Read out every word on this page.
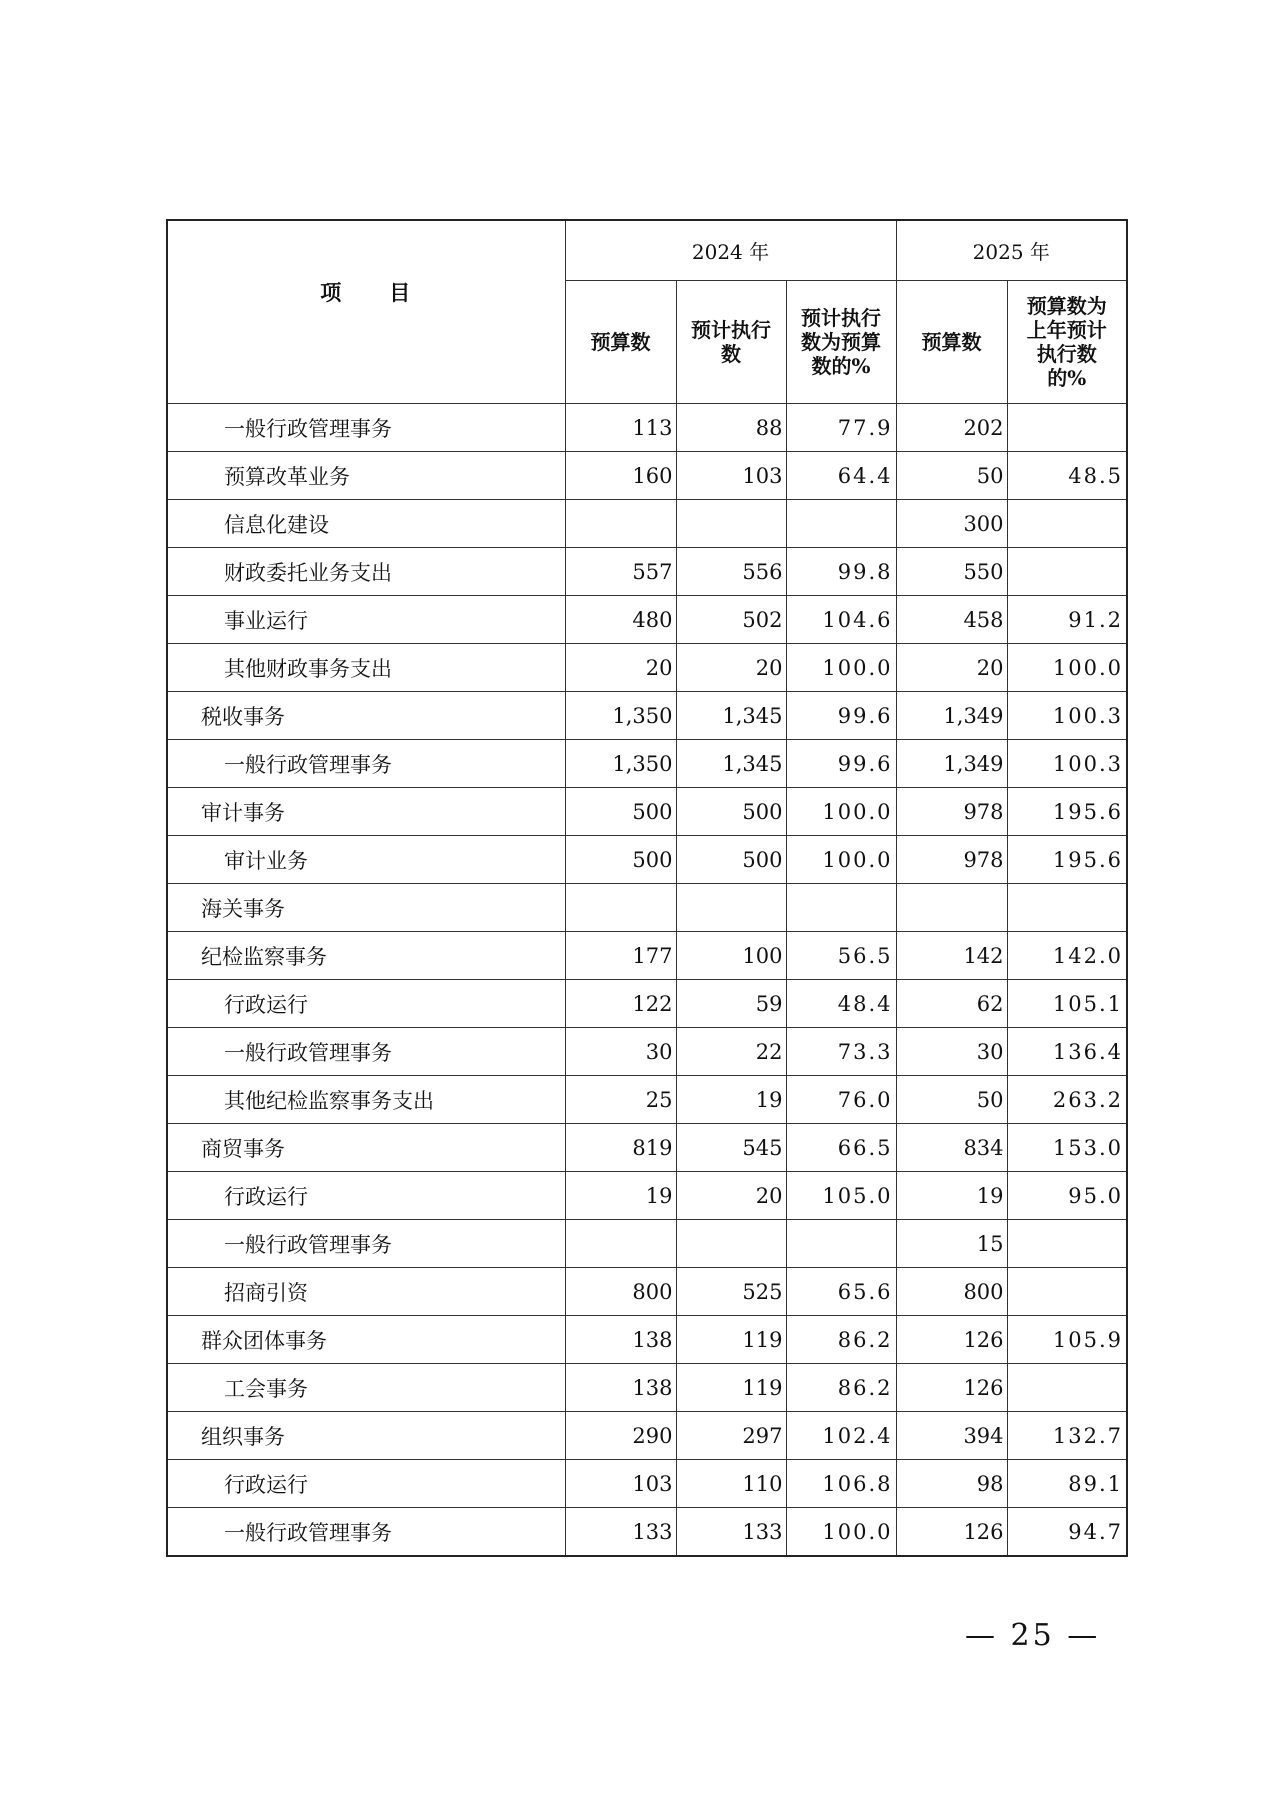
项　　目	2024 年			2025 年	
	预算数	预计执行数	预计执行数为预算数的%	预算数	预算数为上年预计执行数的%
一般行政管理事务	113	88	77.9	202	
预算改革业务	160	103	64.4	50	48.5
信息化建设				300	
财政委托业务支出	557	556	99.8	550	
事业运行	480	502	104.6	458	91.2
其他财政事务支出	20	20	100.0	20	100.0
税收事务	1,350	1,345	99.6	1,349	100.3
一般行政管理事务	1,350	1,345	99.6	1,349	100.3
审计事务	500	500	100.0	978	195.6
审计业务	500	500	100.0	978	195.6
海关事务					
纪检监察事务	177	100	56.5	142	142.0
行政运行	122	59	48.4	62	105.1
一般行政管理事务	30	22	73.3	30	136.4
其他纪检监察事务支出	25	19	76.0	50	263.2
商贸事务	819	545	66.5	834	153.0
行政运行	19	20	105.0	19	95.0
一般行政管理事务				15	
招商引资	800	525	65.6	800	
群众团体事务	138	119	86.2	126	105.9
工会事务	138	119	86.2	126	
组织事务	290	297	102.4	394	132.7
行政运行	103	110	106.8	98	89.1
一般行政管理事务	133	133	100.0	126	94.7
— 25 —
